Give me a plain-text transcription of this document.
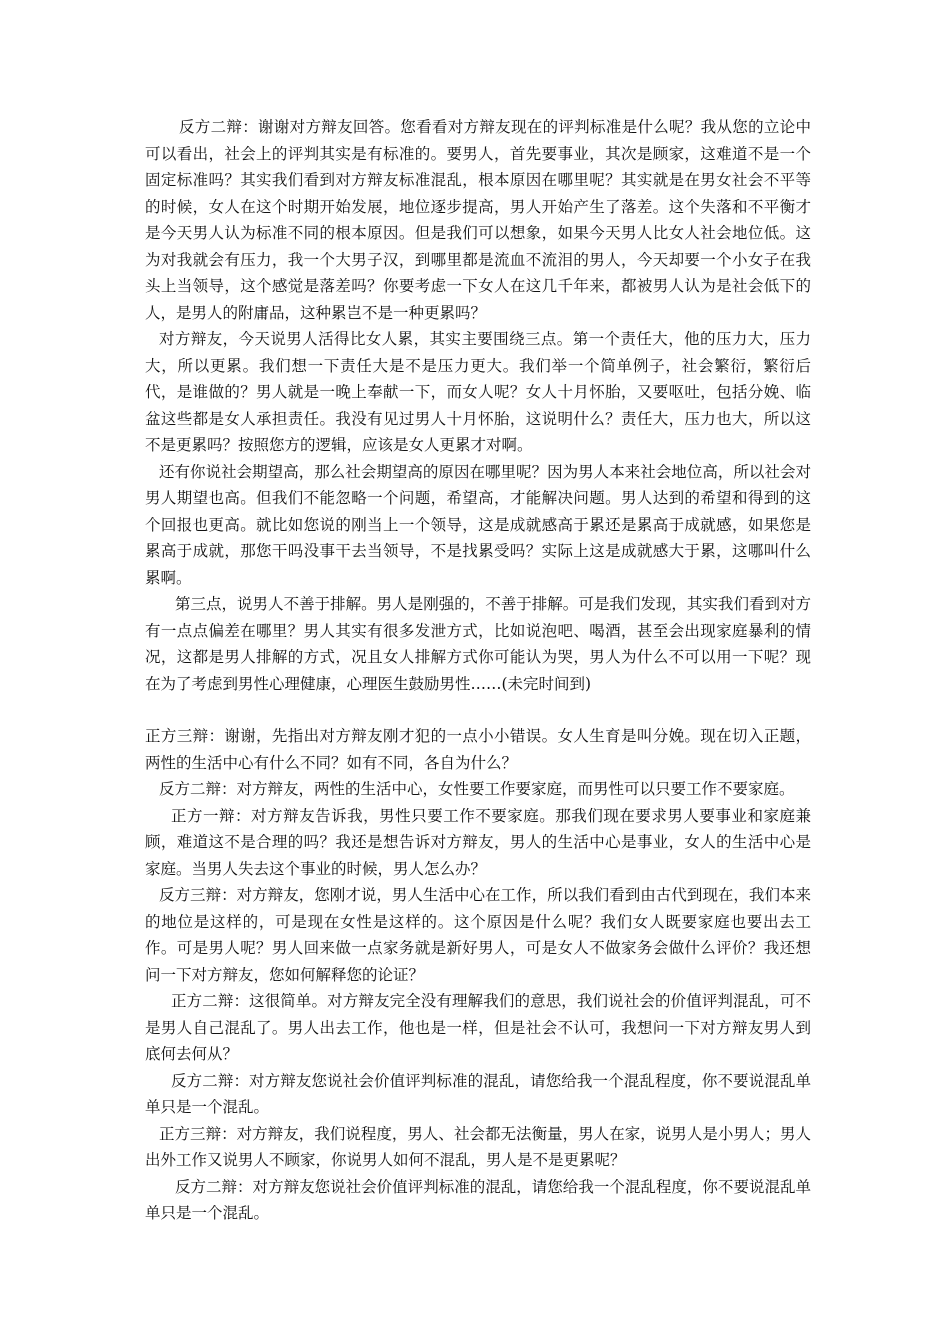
反方二辩：谢谢对方辩友回答。您看看对方辩友现在的评判标准是什么呢？我从您的立论中可以看出，社会上的评判其实是有标准的。要男人，首先要事业，其次是顾家，这难道不是一个固定标准吗？其实我们看到对方辩友标准混乱，根本原因在哪里呢？其实就是在男女社会不平等的时候，女人在这个时期开始发展，地位逐步提高，男人开始产生了落差。这个失落和不平衡才是今天男人认为标准不同的根本原因。但是我们可以想象，如果今天男人比女人社会地位低。这为对我就会有压力，我一个大男子汉，到哪里都是流血不流泪的男人，今天却要一个小女子在我头上当领导，这个感觉是落差吗？你要考虑一下女人在这几千年来，都被男人认为是社会低下的人，是男人的附庸品，这种累岂不是一种更累吗？

对方辩友，今天说男人活得比女人累，其实主要围绕三点。第一个责任大，他的压力大，压力大，所以更累。我们想一下责任大是不是压力更大。我们举一个简单例子，社会繁衍，繁衍后代，是谁做的？男人就是一晚上奉献一下，而女人呢？女人十月怀胎，又要呕吐，包括分娩、临盆这些都是女人承担责任。我没有见过男人十月怀胎，这说明什么？责任大，压力也大，所以这不是更累吗？按照您方的逻辑，应该是女人更累才对啊。

还有你说社会期望高，那么社会期望高的原因在哪里呢？因为男人本来社会地位高，所以社会对男人期望也高。但我们不能忽略一个问题，希望高，才能解决问题。男人达到的希望和得到的这个回报也更高。就比如您说的刚当上一个领导，这是成就感高于累还是累高于成就感，如果您是累高于成就，那您干吗没事干去当领导，不是找累受吗？实际上这是成就感大于累，这哪叫什么累啊。

第三点，说男人不善于排解。男人是刚强的，不善于排解。可是我们发现，其实我们看到对方有一点点偏差在哪里？男人其实有很多发泄方式，比如说泡吧、喝酒，甚至会出现家庭暴利的情况，这都是男人排解的方式，况且女人排解方式你可能认为哭，男人为什么不可以用一下呢？现在为了考虑到男性心理健康，心理医生鼓励男性……(未完时间到)

正方三辩：谢谢，先指出对方辩友刚才犯的一点小小错误。女人生育是叫分娩。现在切入正题，两性的生活中心有什么不同？如有不同，各自为什么？

反方二辩：对方辩友，两性的生活中心，女性要工作要家庭，而男性可以只要工作不要家庭。

正方一辩：对方辩友告诉我，男性只要工作不要家庭。那我们现在要求男人要事业和家庭兼顾，难道这不是合理的吗？我还是想告诉对方辩友，男人的生活中心是事业，女人的生活中心是家庭。当男人失去这个事业的时候，男人怎么办？

反方三辩：对方辩友，您刚才说，男人生活中心在工作，所以我们看到由古代到现在，我们本来的地位是这样的，可是现在女性是这样的。这个原因是什么呢？我们女人既要家庭也要出去工作。可是男人呢？男人回来做一点家务就是新好男人，可是女人不做家务会做什么评价？我还想问一下对方辩友，您如何解释您的论证？

正方二辩：这很简单。对方辩友完全没有理解我们的意思，我们说社会的价值评判混乱，可不是男人自己混乱了。男人出去工作，他也是一样，但是社会不认可，我想问一下对方辩友男人到底何去何从？

反方二辩：对方辩友您说社会价值评判标准的混乱，请您给我一个混乱程度，你不要说混乱单单只是一个混乱。

正方三辩：对方辩友，我们说程度，男人、社会都无法衡量，男人在家，说男人是小男人；男人出外工作又说男人不顾家，你说男人如何不混乱，男人是不是更累呢？

反方二辩：对方辩友您说社会价值评判标准的混乱，请您给我一个混乱程度，你不要说混乱单单只是一个混乱。
